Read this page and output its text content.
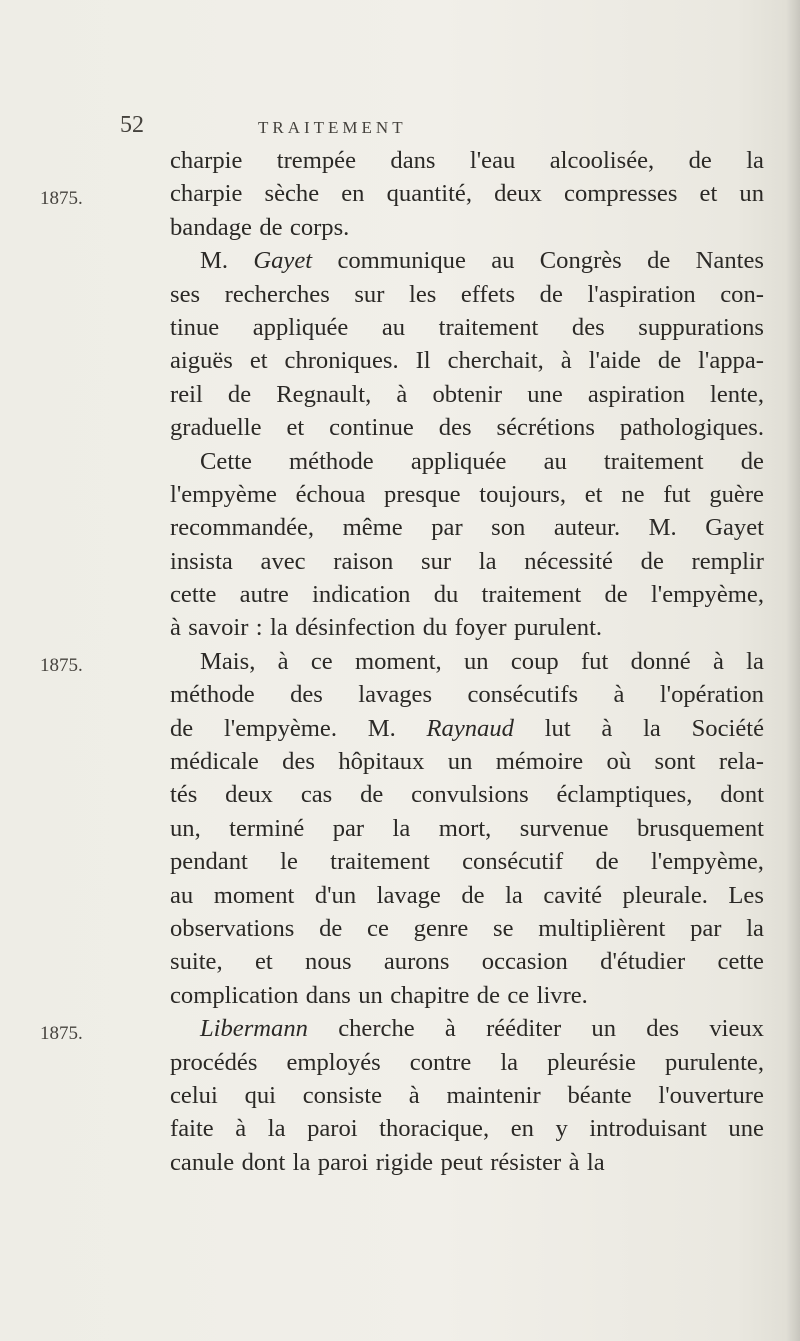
52	TRAITEMENT
1875.
1875.
1875.
charpie trempée dans l'eau alcoolisée, de la
charpie sèche en quantité, deux compresses et un
bandage de corps.
M. Gayet communique au Congrès de Nantes
ses recherches sur les effets de l'aspiration con-
tinue appliquée au traitement des suppurations
aiguës et chroniques. Il cherchait, à l'aide de l'appa-
reil de Regnault, à obtenir une aspiration lente,
graduelle et continue des sécrétions pathologiques.
Cette méthode appliquée au traitement de
l'empyème échoua presque toujours, et ne fut guère
recommandée, même par son auteur. M. Gayet
insista avec raison sur la nécessité de remplir
cette autre indication du traitement de l'empyème,
à savoir : la désinfection du foyer purulent.
Mais, à ce moment, un coup fut donné à la
méthode des lavages consécutifs à l'opération
de l'empyème. M. Raynaud lut à la Société
médicale des hôpitaux un mémoire où sont rela-
tés deux cas de convulsions éclamptiques, dont
un, terminé par la mort, survenue brusquement
pendant le traitement consécutif de l'empyème,
au moment d'un lavage de la cavité pleurale. Les
observations de ce genre se multiplièrent par la
suite, et nous aurons occasion d'étudier cette
complication dans un chapitre de ce livre.
Libermann cherche à rééditer un des vieux
procédés employés contre la pleurésie purulente,
celui qui consiste à maintenir béante l'ouverture
faite à la paroi thoracique, en y introduisant une
canule dont la paroi rigide peut résister à la
